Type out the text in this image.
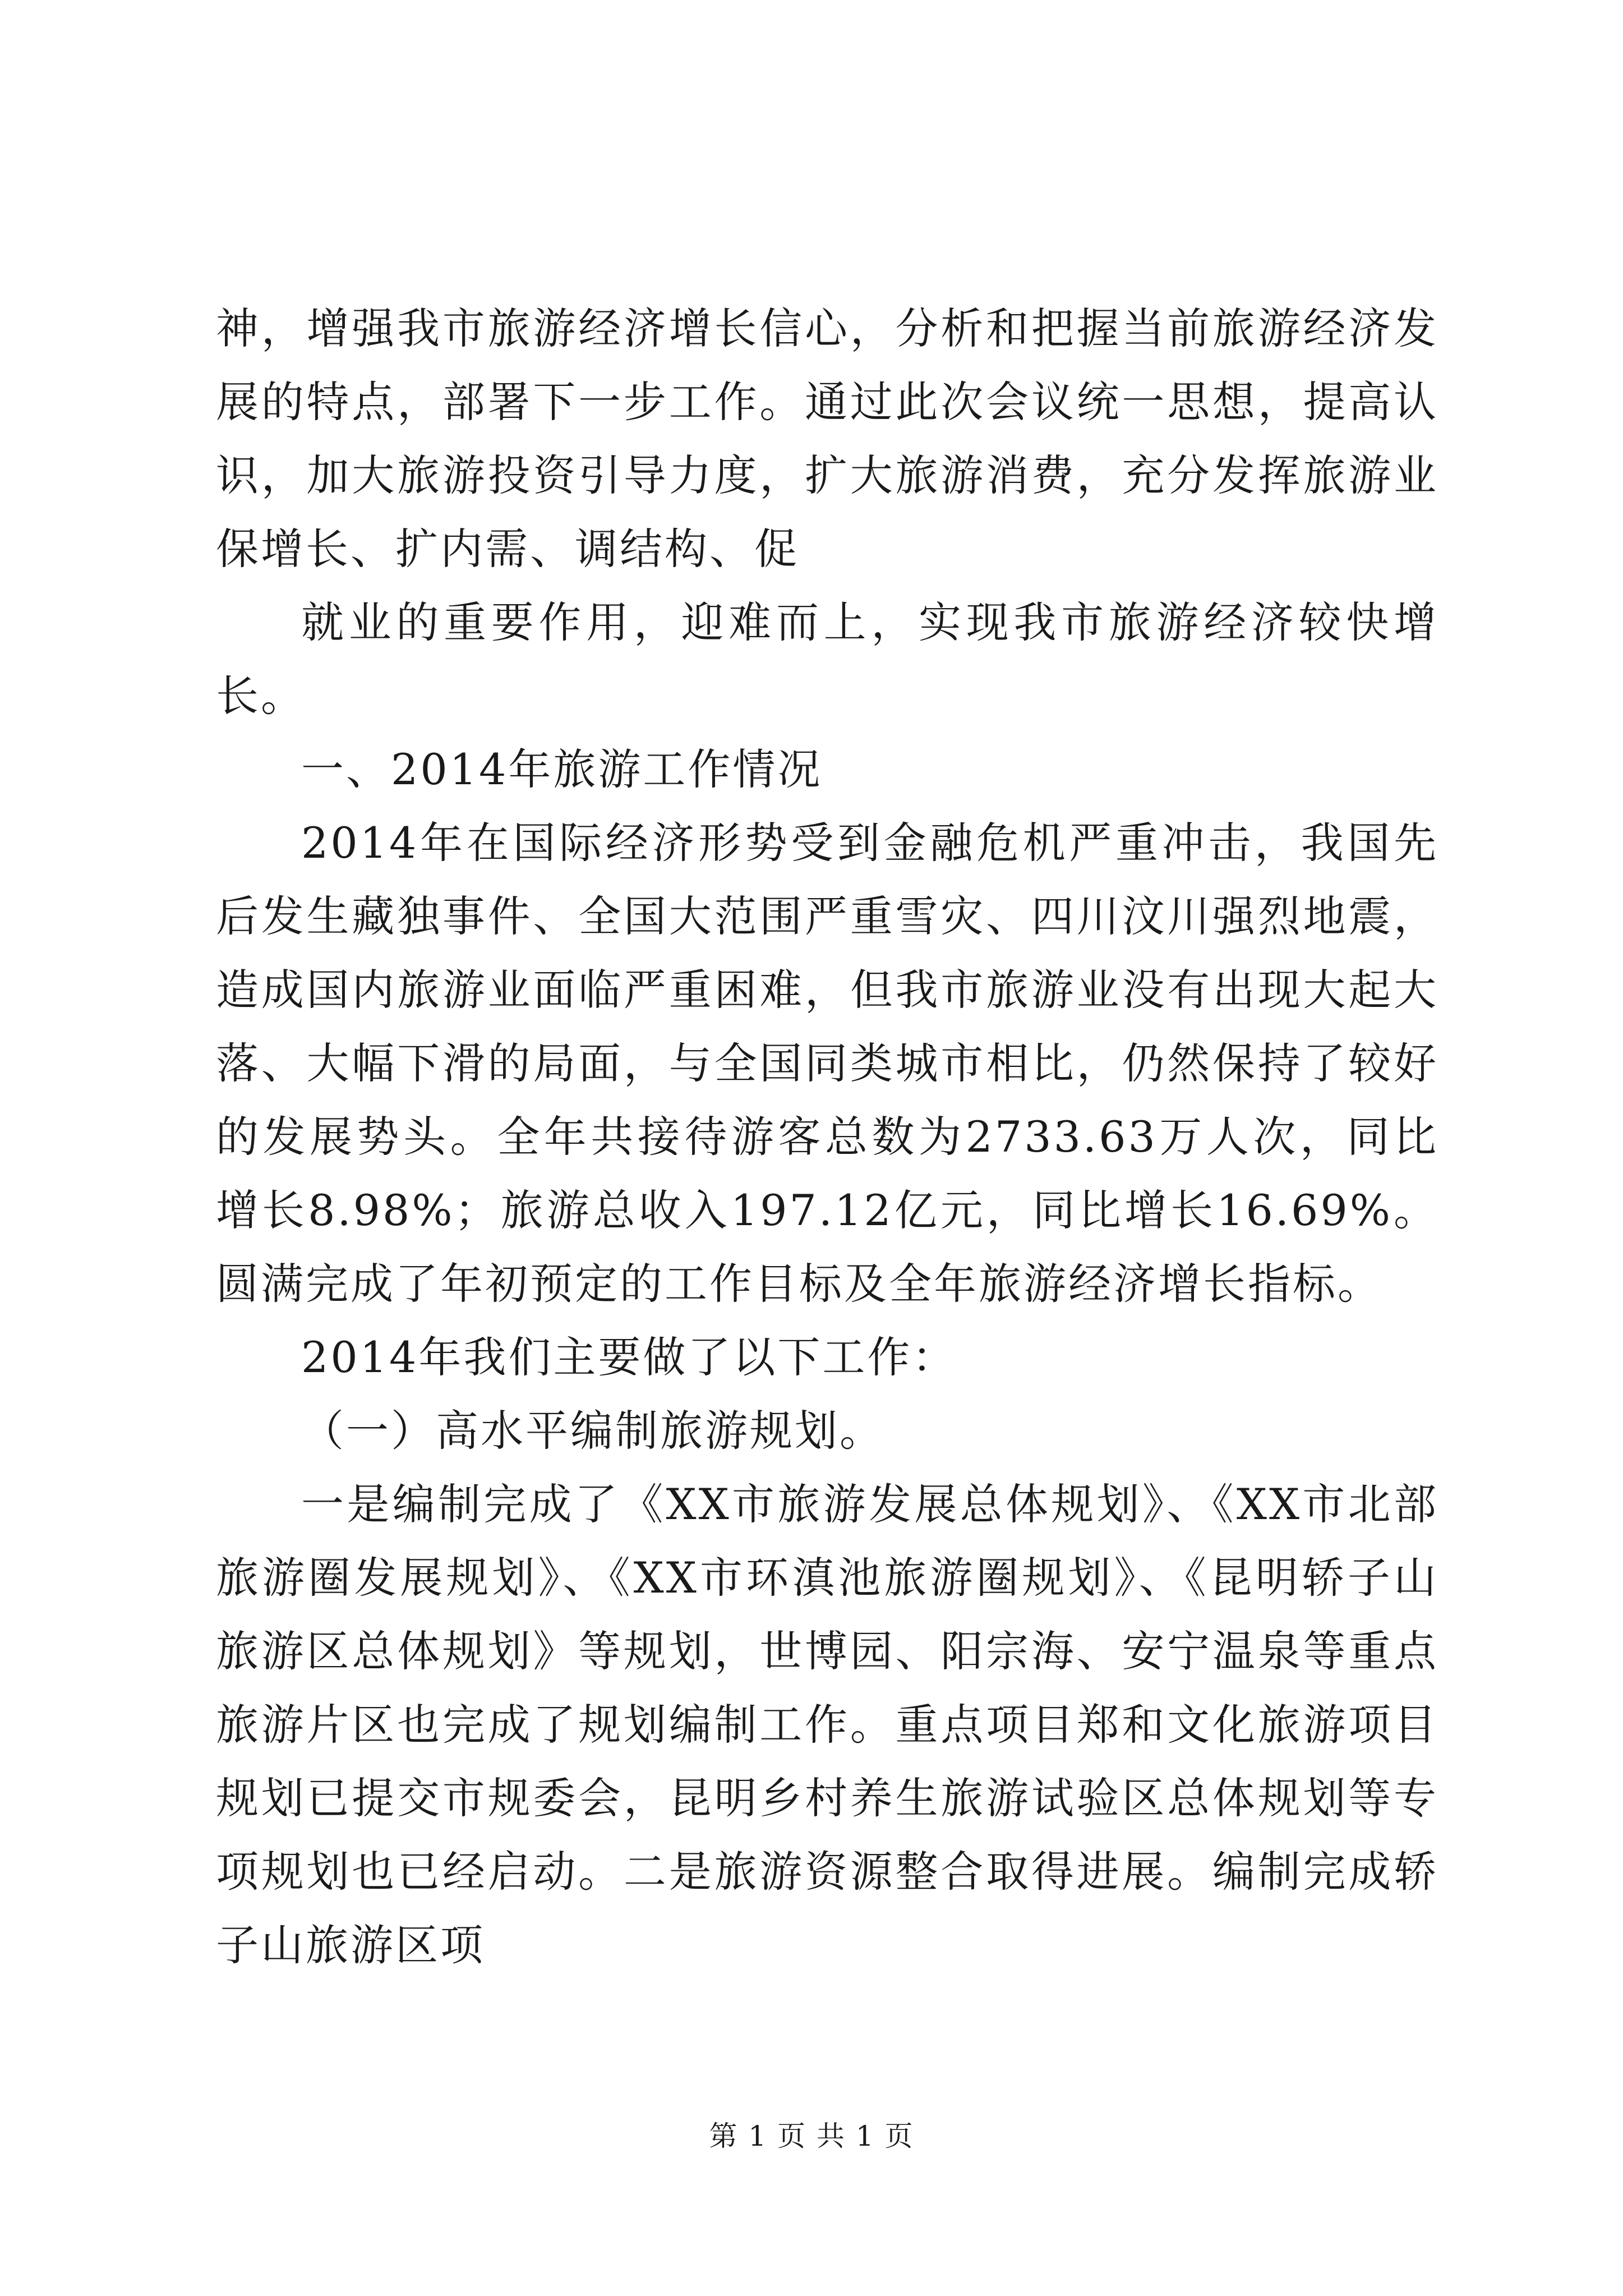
神，增强我市旅游经济增长信心，分析和把握当前旅游经济发展的特点，部署下一步工作。通过此次会议统一思想，提高认识，加大旅游投资引导力度，扩大旅游消费，充分发挥旅游业保增长、扩内需、调结构、促

就业的重要作用，迎难而上，实现我市旅游经济较快增长。

一、2014年旅游工作情况

2014年在国际经济形势受到金融危机严重冲击，我国先后发生藏独事件、全国大范围严重雪灾、四川汶川强烈地震，造成国内旅游业面临严重困难，但我市旅游业没有出现大起大落、大幅下滑的局面，与全国同类城市相比，仍然保持了较好的发展势头。全年共接待游客总数为2733.63万人次，同比增长8.98%；旅游总收入197.12亿元，同比增长16.69%。圆满完成了年初预定的工作目标及全年旅游经济增长指标。

2014年我们主要做了以下工作：

（一）高水平编制旅游规划。

一是编制完成了《XX市旅游发展总体规划》、《XX市北部旅游圈发展规划》、《XX市环滇池旅游圈规划》、《昆明轿子山旅游区总体规划》等规划，世博园、阳宗海、安宁温泉等重点旅游片区也完成了规划编制工作。重点项目郑和文化旅游项目规划已提交市规委会，昆明乡村养生旅游试验区总体规划等专项规划也已经启动。二是旅游资源整合取得进展。编制完成轿子山旅游区项

第 1 页 共 1 页
